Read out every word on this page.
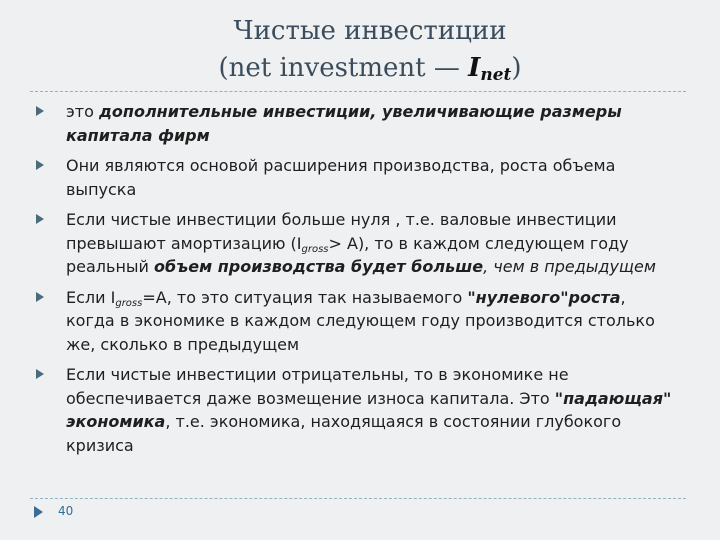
Чистые инвестиции
(net investment — $I_{net}$)
это дополнительные инвестиции, увеличивающие размеры капитала фирм
Они являются основой расширения производства, роста объема выпуска
Если чистые инвестиции больше нуля , т.е. валовые инвестиции превышают амортизацию $(I_{gross}> A)$, то в каждом следующем году реальный объем производства будет больше, чем в предыдущем
Если $I_{gross}=A$, то это ситуация так называемого "нулевого"роста, когда в экономике в каждом следующем году производится столько же, сколько в предыдущем
Если чистые инвестиции отрицательны, то в экономике не обеспечивается даже возмещение износа капитала. Это "падающая" экономика, т.е. экономика, находящаяся в состоянии глубокого кризиса
40
